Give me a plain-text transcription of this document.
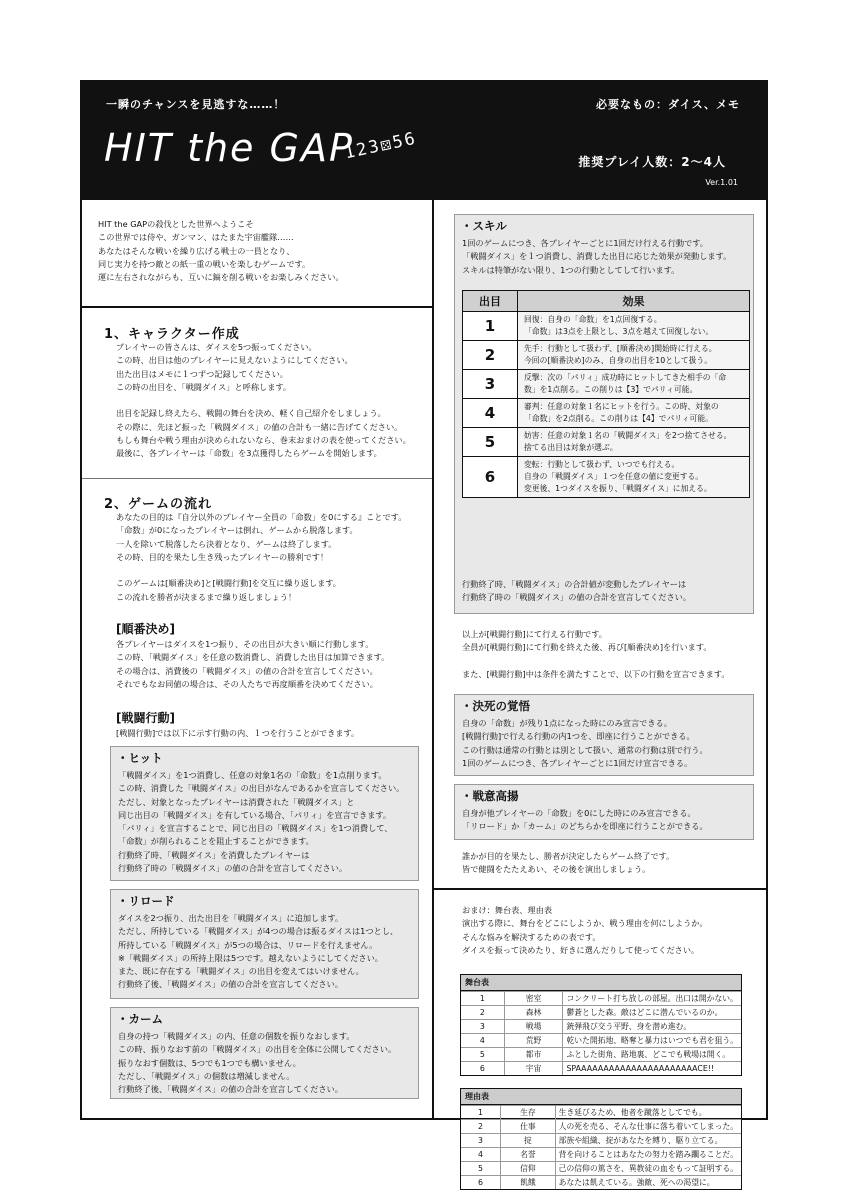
一瞬のチャンスを見逃すな……！	必要なもの：ダイス、メモ
HIT the GAP
123⚄56	推奨プレイ人数：2〜4人
Ver.1.01
HIT the GAPの殺伐とした世界へようこそ
この世界では侍や、ガンマン、はたまた宇宙艦隊……
あなたはそんな戦いを繰り広げる戦士の一員となり、
同じ実力を持つ敵との紙一重の戦いを楽しむゲームです。
運に左右されながらも、互いに鎬を削る戦いをお楽しみください。
1、キャラクター作成
プレイヤーの皆さんは、ダイスを5つ振ってください。
この時、出目は他のプレイヤーに見えないようにしてください。
出た出目はメモに１つずつ記録してください。
この時の出目を、「戦闘ダイス」と呼称します。

出目を記録し終えたら、戦闘の舞台を決め、軽く自己紹介をしましょう。
その際に、先ほど振った「戦闘ダイス」の値の合計も一緒に告げてください。
もしも舞台や戦う理由が決められないなら、巻末おまけの表を使ってください。
最後に、各プレイヤーは「命数」を3点獲得したらゲームを開始します。
2、ゲームの流れ
あなたの目的は『自分以外のプレイヤー全員の「命数」を0にする』ことです。
「命数」が0になったプレイヤーは倒れ、ゲームから脱落します。
一人を除いて脱落したら決着となり、ゲームは終了します。
その時、目的を果たし生き残ったプレイヤーの勝利です！

このゲームは[順番決め]と[戦闘行動]を交互に繰り返します。
この流れを勝者が決まるまで繰り返しましょう！
[順番決め]
各プレイヤーはダイスを1つ振り、その出目が大きい順に行動します。
この時、「戦闘ダイス」を任意の数消費し、消費した出目は加算できます。
その場合は、消費後の「戦闘ダイス」の値の合計を宣言してください。
それでもなお同値の場合は、その人たちで再度順番を決めてください。
[戦闘行動]
[戦闘行動]では以下に示す行動の内、１つを行うことができます。
・ヒット
「戦闘ダイス」を1つ消費し、任意の対象1名の「命数」を1点削ります。
この時、消費した「戦闘ダイス」の出目がなんであるかを宣言してください。
ただし、対象となったプレイヤーは消費された「戦闘ダイス」と
同じ出目の「戦闘ダイス」を有している場合、「パリィ」を宣言できます。
「パリィ」を宣言することで、同じ出目の「戦闘ダイス」を1つ消費して、
「命数」が削られることを阻止することができます。
行動終了時、「戦闘ダイス」を消費したプレイヤーは
行動終了時の「戦闘ダイス」の値の合計を宣言してください。
・リロード
ダイスを2つ振り、出た出目を「戦闘ダイス」に追加します。
ただし、所持している「戦闘ダイス」が4つの場合は振るダイスは1つとし、
所持している「戦闘ダイス」が5つの場合は、リロードを行えません。
※「戦闘ダイス」の所持上限は5つです。越えないようにしてください。
また、既に存在する「戦闘ダイス」の出目を変えてはいけません。
行動終了後、「戦闘ダイス」の値の合計を宣言してください。
・カーム
自身の持つ「戦闘ダイス」の内、任意の個数を振りなおします。
この時、振りなおす前の「戦闘ダイス」の出目を全体に公開してください。
振りなおす個数は、5つでも1つでも構いません。
ただし、「戦闘ダイス」の個数は増減しません。
行動終了後、「戦闘ダイス」の値の合計を宣言してください。
・スキル
1回のゲームにつき、各プレイヤーごとに1回だけ行える行動です。
「戦闘ダイス」を１つ消費し、消費した出目に応じた効果が発動します。
スキルは特筆がない限り、1つの行動としてして行います。
出目	効果
1	回復：自身の「命数」を1点回復する。
「命数」は3点を上限とし、3点を越えて回復しない。
2	先手：行動として扱わず、[順番決め]開始時に行える。
今回の[順番決め]のみ、自身の出目を10として扱う。
3	反撃：次の「パリィ」成功時にヒットしてきた相手の「命
数」を1点削る。この削りは【3】でパリィ可能。
4	審判：任意の対象１名にヒットを行う。この時、対象の
「命数」を2点削る。この削りは【4】でパリィ可能。
5	妨害：任意の対象１名の「戦闘ダイス」を2つ捨てさせる。
捨てる出目は対象が選ぶ。
6	変転：行動として扱わず、いつでも行える。
自身の「戦闘ダイス」１つを任意の値に変更する。
変更後、1つダイスを振り、「戦闘ダイス」に加える。
行動終了時、「戦闘ダイス」の合計値が変動したプレイヤーは
行動終了時の「戦闘ダイス」の値の合計を宣言してください。
以上が[戦闘行動]にて行える行動です。
全員が[戦闘行動]にて行動を終えた後、再び[順番決め]を行います。

また、[戦闘行動]中は条件を満たすことで、以下の行動を宣言できます。
・決死の覚悟
自身の「命数」が残り1点になった時にのみ宣言できる。
[戦闘行動]で行える行動の内1つを、即座に行うことができる。
この行動は通常の行動とは別として扱い、通常の行動は別で行う。
1回のゲームにつき、各プレイヤーごとに1回だけ宣言できる。
・戦意高揚
自身が他プレイヤーの「命数」を0にした時にのみ宣言できる。
「リロード」か「カーム」のどちらかを即座に行うことができる。
誰かが目的を果たし、勝者が決定したらゲーム終了です。
皆で健闘をたたえあい、その後を演出しましょう。
おまけ：舞台表、理由表
演出する際に、舞台をどこにしようか、戦う理由を何にしようか。
そんな悩みを解決するための表です。
ダイスを振って決めたり、好きに選んだりして使ってください。
舞台表
1	密室	コンクリート打ち放しの部屋。出口は開かない。
2	森林	鬱蒼とした森。敵はどこに潜んでいるのか。
3	戦場	銃弾飛び交う平野、身を潜め進む。
4	荒野	乾いた開拓地、略奪と暴力はいつでも君を狙う。
5	都市	ふとした街角、路地裏、どこでも戦場は開く。
6	宇宙	SPAAAAAAAAAAAAAAAAAAAAAACE!!
理由表
1	生存	生き延びるため、他者を蹴落としてでも。
2	仕事	人の死を売る、そんな仕事に落ち着いてしまった。
3	掟	部族や組織、掟があなたを縛り、駆り立てる。
4	名誉	背を向けることはあなたの努力を踏み躙ることだ。
5	信仰	己の信仰の篤さを、異教徒の血をもって証明する。
6	飢餓	あなたは飢えている。強敵、死への渇望に。
